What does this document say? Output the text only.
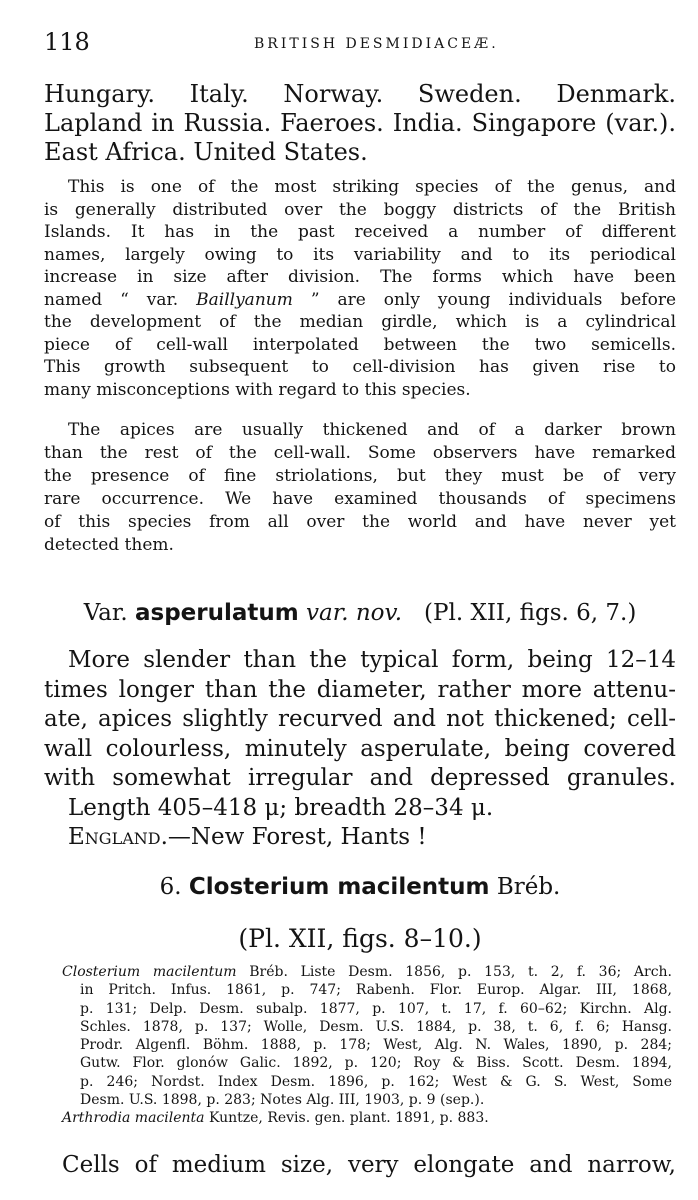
118	BRITISH DESMIDIACEÆ.
Hungary. Italy. Norway. Sweden. Denmark.
Lapland in Russia. Faeroes. India. Singapore (var.).
East Africa. United States.
This is one of the most striking species of the genus, and
is generally distributed over the boggy districts of the British
Islands. It has in the past received a number of different
names, largely owing to its variability and to its periodical
increase in size after division. The forms which have been
named “ var. Baillyanum ” are only young individuals before
the development of the median girdle, which is a cylindrical
piece of cell-wall interpolated between the two semicells.
This growth subsequent to cell-division has given rise to
many misconceptions with regard to this species.
The apices are usually thickened and of a darker brown
than the rest of the cell-wall. Some observers have remarked
the presence of fine striolations, but they must be of very
rare occurrence. We have examined thousands of specimens
of this species from all over the world and have never yet
detected them.
Var. asperulatum var. nov. (Pl. XII, figs. 6, 7.)
More slender than the typical form, being 12–14
times longer than the diameter, rather more attenu-
ate, apices slightly recurved and not thickened; cell-
wall colourless, minutely asperulate, being covered
with somewhat irregular and depressed granules.
Length 405–418 μ; breadth 28–34 μ.
England.—New Forest, Hants !
6. Closterium macilentum Bréb.
(Pl. XII, figs. 8–10.)
Closterium macilentum Bréb. Liste Desm. 1856, p. 153, t. 2, f. 36; Arch.
in Pritch. Infus. 1861, p. 747; Rabenh. Flor. Europ. Algar. III, 1868,
p. 131; Delp. Desm. subalp. 1877, p. 107, t. 17, f. 60–62; Kirchn. Alg.
Schles. 1878, p. 137; Wolle, Desm. U.S. 1884, p. 38, t. 6, f. 6; Hansg.
Prodr. Algenfl. Böhm. 1888, p. 178; West, Alg. N. Wales, 1890, p. 284;
Gutw. Flor. glonów Galic. 1892, p. 120; Roy & Biss. Scott. Desm. 1894,
p. 246; Nordst. Index Desm. 1896, p. 162; West & G. S. West, Some
Desm. U.S. 1898, p. 283; Notes Alg. III, 1903, p. 9 (sep.).
Arthrodia macilenta Kuntze, Revis. gen. plant. 1891, p. 883.
Cells of medium size, very elongate and narrow,
